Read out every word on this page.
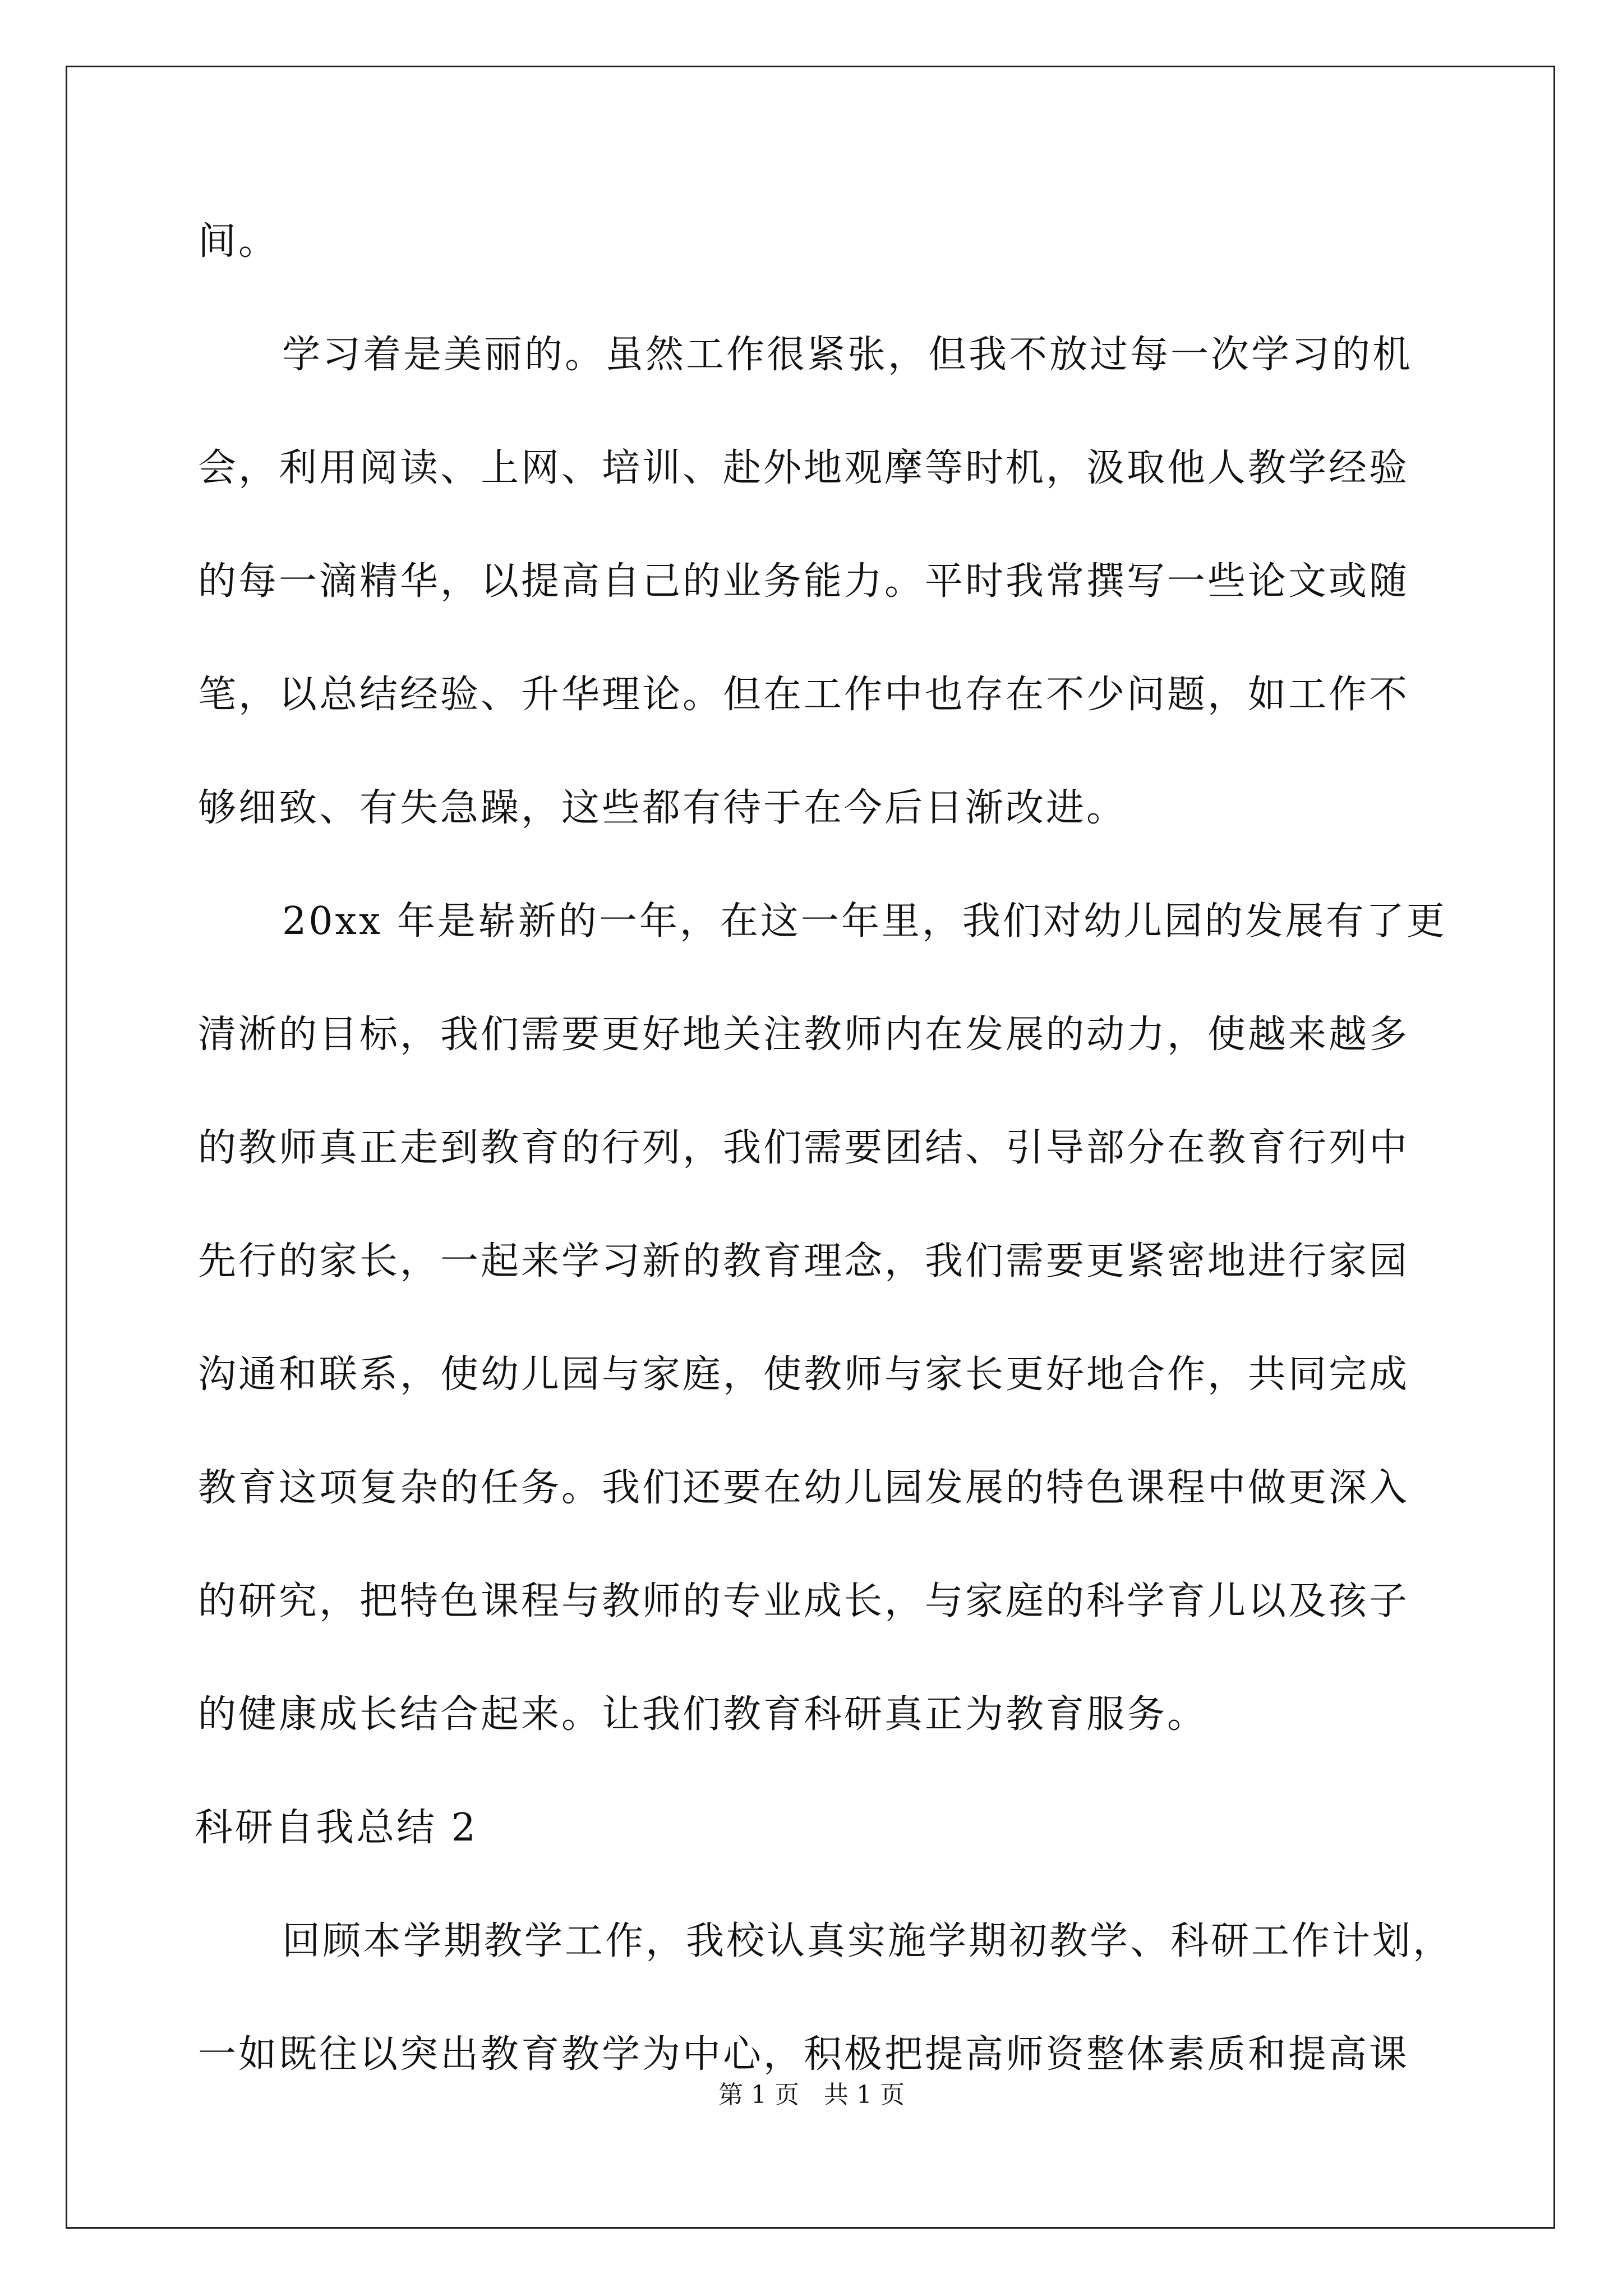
间。
学习着是美丽的。虽然工作很紧张，但我不放过每一次学习的机
会，利用阅读、上网、培训、赴外地观摩等时机，汲取他人教学经验
的每一滴精华，以提高自己的业务能力。平时我常撰写一些论文或随
笔，以总结经验、升华理论。但在工作中也存在不少问题，如工作不
够细致、有失急躁，这些都有待于在今后日渐改进。
20xx 年是崭新的一年，在这一年里，我们对幼儿园的发展有了更
清淅的目标，我们需要更好地关注教师内在发展的动力，使越来越多
的教师真正走到教育的行列，我们需要团结、引导部分在教育行列中
先行的家长，一起来学习新的教育理念，我们需要更紧密地进行家园
沟通和联系，使幼儿园与家庭，使教师与家长更好地合作，共同完成
教育这项复杂的任务。我们还要在幼儿园发展的特色课程中做更深入
的研究，把特色课程与教师的专业成长，与家庭的科学育儿以及孩子
的健康成长结合起来。让我们教育科研真正为教育服务。
科研自我总结 2
回顾本学期教学工作，我校认真实施学期初教学、科研工作计划，
一如既往以突出教育教学为中心，积极把提高师资整体素质和提高课
第 1 页　共 1 页
